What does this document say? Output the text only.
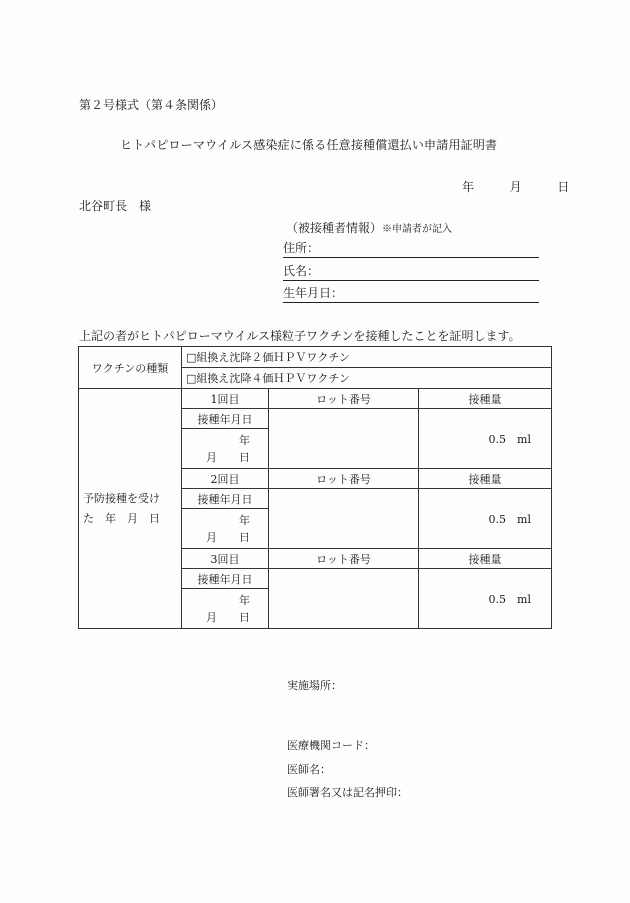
第２号様式（第４条関係）
ヒトパピローマウイルス感染症に係る任意接種償還払い申請用証明書
年	月	日
北谷町長　様
（被接種者情報）※申請者が記入
住所：
氏名：
生年月日：
上記の者がヒトパピローマウイルス様粒子ワクチンを接種したことを証明します。
ワクチンの種類	□組換え沈降２価ＨＰＶワクチン		
	□組換え沈降４価ＨＰＶワクチン		

予防接種を受け
た　年　月　日	1回目	ロット番号	接種量
	接種年月日		0.5　ml

	年
月 日		

	2回目	ロット番号	接種量
	接種年月日		0.5　ml

	年
月 日		

	3回目	ロット番号	接種量
	接種年月日		0.5　ml

	年
月 日		
実施場所：
医療機関コード：
医師名：
医師署名又は記名押印：
